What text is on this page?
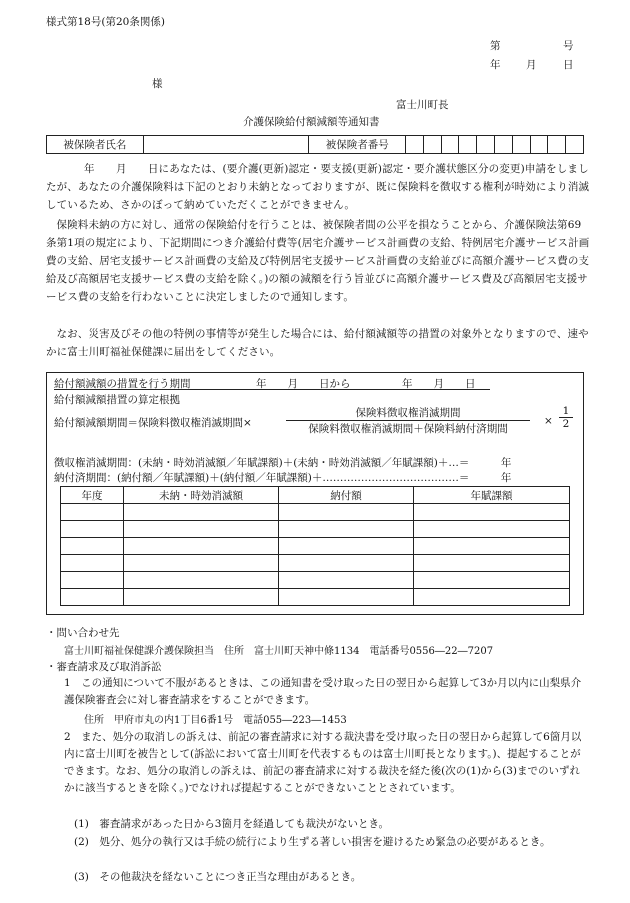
様式第18号(第20条関係)
第	号
年 月	日
様
富士川町長
介護保険給付額減額等通知書
被保険者氏名		被保険者番号										
年　　月　　日にあなたは、(要介護(更新)認定・要支援(更新)認定・要介護状態区分の変更)申請をしましたが、あなたの介護保険料は下記のとおり未納となっておりますが、既に保険料を徴収する権利が時効により消滅しているため、さかのぼって納めていただくことができません。
保険料未納の方に対し、通常の保険給付を行うことは、被保険者間の公平を損なうことから、介護保険法第69条第1項の規定により、下記期間につき介護給付費等(居宅介護サービス計画費の支給、特例居宅介護サービス計画費の支給、居宅支援サービス計画費の支給及び特例居宅支援サービス計画費の支給並びに高額介護サービス費の支給及び高額居宅支援サービス費の支給を除く。)の額の減額を行う旨並びに高額介護サービス費及び高額居宅支援サービス費の支給を行わないことに決定しましたので通知します。
なお、災害及びその他の特例の事情等が発生した場合には、給付額減額等の措置の対象外となりますので、速やかに富士川町福祉保健課に届出をしてください。
給付額減額の措置を行う期間	年　　月　　日から	年　　月　　日
給付額減額措置の算定根拠
給付額減額期間＝保険料徴収権消滅期間×
保険料徴収権消滅期間
保険料徴収権消滅期間＋保険料納付済期間
×
1
2
徴収権消滅期間：(未納・時効消滅額／年賦課額)＋(未納・時効消滅額／年賦課額)＋…＝　　　年
納付済期間：(納付額／年賦課額)＋(納付額／年賦課額)＋…………………………………＝　　　年
年度	未納・時効消滅額	納付額	年賦課額

・問い合わせ先
富士川町福祉保健課介護保険担当　住所　富士川町天神中條1134　電話番号0556―22―7207
・審査請求及び取消訴訟
1　この通知について不服があるときは、この通知書を受け取った日の翌日から起算して3か月以内に山梨県介護保険審査会に対し審査請求をすることができます。
住所　甲府市丸の内1丁目6番1号　電話055―223―1453
2　また、処分の取消しの訴えは、前記の審査請求に対する裁決書を受け取った日の翌日から起算して6箇月以内に富士川町を被告として(訴訟において富士川町を代表するものは富士川町長となります。)、提起することができます。なお、処分の取消しの訴えは、前記の審査請求に対する裁決を経た後(次の(1)から(3)までのいずれかに該当するときを除く。)でなければ提起することができないこととされています。
(1)　審査請求があった日から3箇月を経過しても裁決がないとき。
(2)　処分、処分の執行又は手続の続行により生ずる著しい損害を避けるため緊急の必要があるとき。
(3)　その他裁決を経ないことにつき正当な理由があるとき。
